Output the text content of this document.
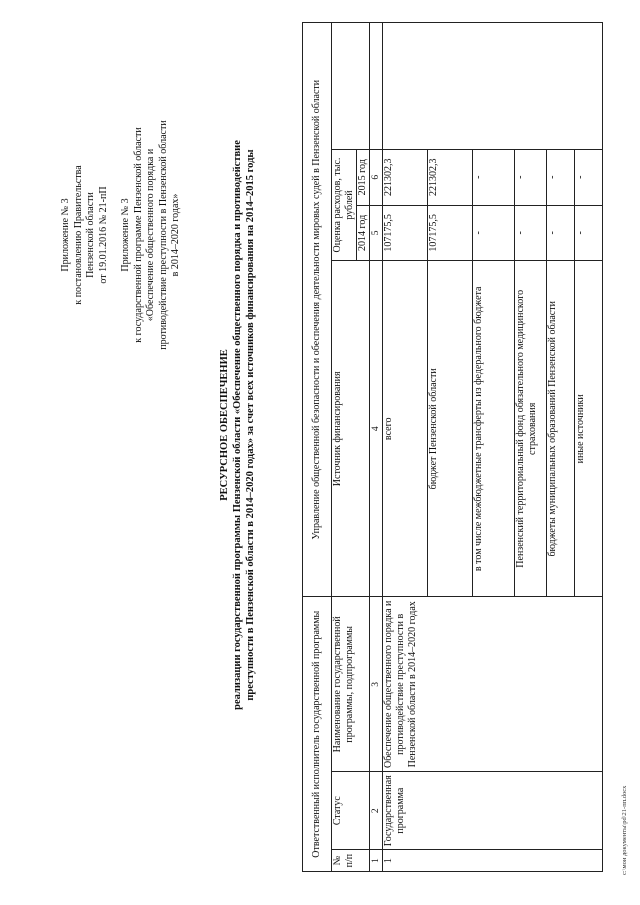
Приложение № 3 к постановлению Правительства Пензенской области от 19.01.2016 № 21-пП Приложение № 3 к государственной программе Пензенской области «Обеспечение общественного порядка и противодействие преступности в Пензенской области в 2014–2020 годах»
РЕСУРСНОЕ ОБЕСПЕЧЕНИЕ реализации государственной программы Пензенской области «Обеспечение общественного порядка и противодействие преступности в Пензенской области в 2014–2020 годах» за счет всех источников финансирования на 2014–2015 годы
Ответственный исполнитель государственной программы			Управление общественной безопасности и обеспечения деятельности мировых судей в Пензенской области			
№ п/п	Статус	Наименование государственной программы, подпрограммы	Источник финансирования	Оценка расходов, тыс. рублей		
				2014 год	2015 год	
1	2	3	4	5	6	
1	Государственная программа	Обеспечение общественного порядка и противодействие преступности в Пензенской области в 2014–2020 годах	всего	107175,5	221302,3	
			бюджет Пензенской области	107175,5	221302,3	
			в том числе межбюджетные трансферты из федерального бюджета	-	-	
			Пензенский территориальный фонд обязательного медицинского страхования	-	-	
			бюджеты муниципальных образований Пензенской области	-	-	
			иные источники	-	-	
c:\мои документы\pd\21-пп.docx
